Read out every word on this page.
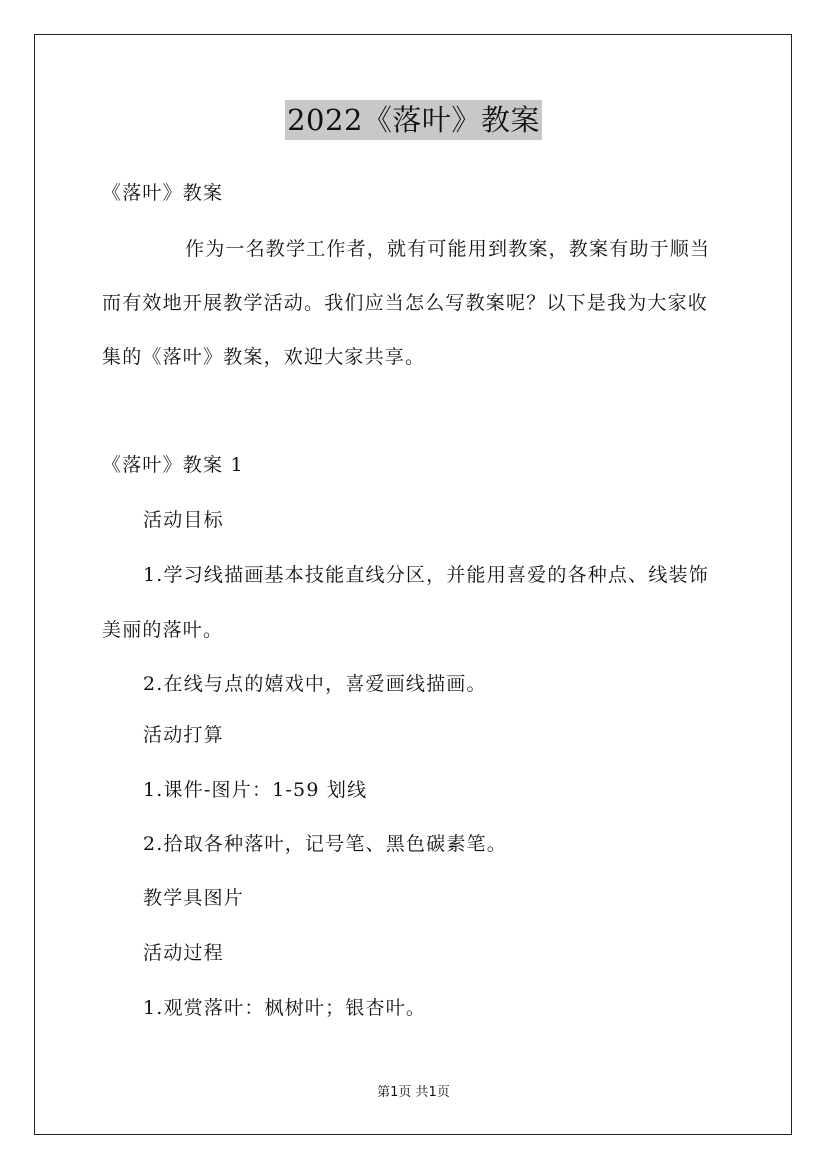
2022《落叶》教案
《落叶》教案
作为一名教学工作者，就有可能用到教案，教案有助于顺当
而有效地开展教学活动。我们应当怎么写教案呢？以下是我为大家收
集的《落叶》教案，欢迎大家共享。
《落叶》教案 1
活动目标
1.学习线描画基本技能直线分区，并能用喜爱的各种点、线装饰
美丽的落叶。
2.在线与点的嬉戏中，喜爱画线描画。
活动打算
1.课件-图片：1-59 划线
2.拾取各种落叶，记号笔、黑色碳素笔。
教学具图片
活动过程
1.观赏落叶：枫树叶；银杏叶。
第1页 共1页
